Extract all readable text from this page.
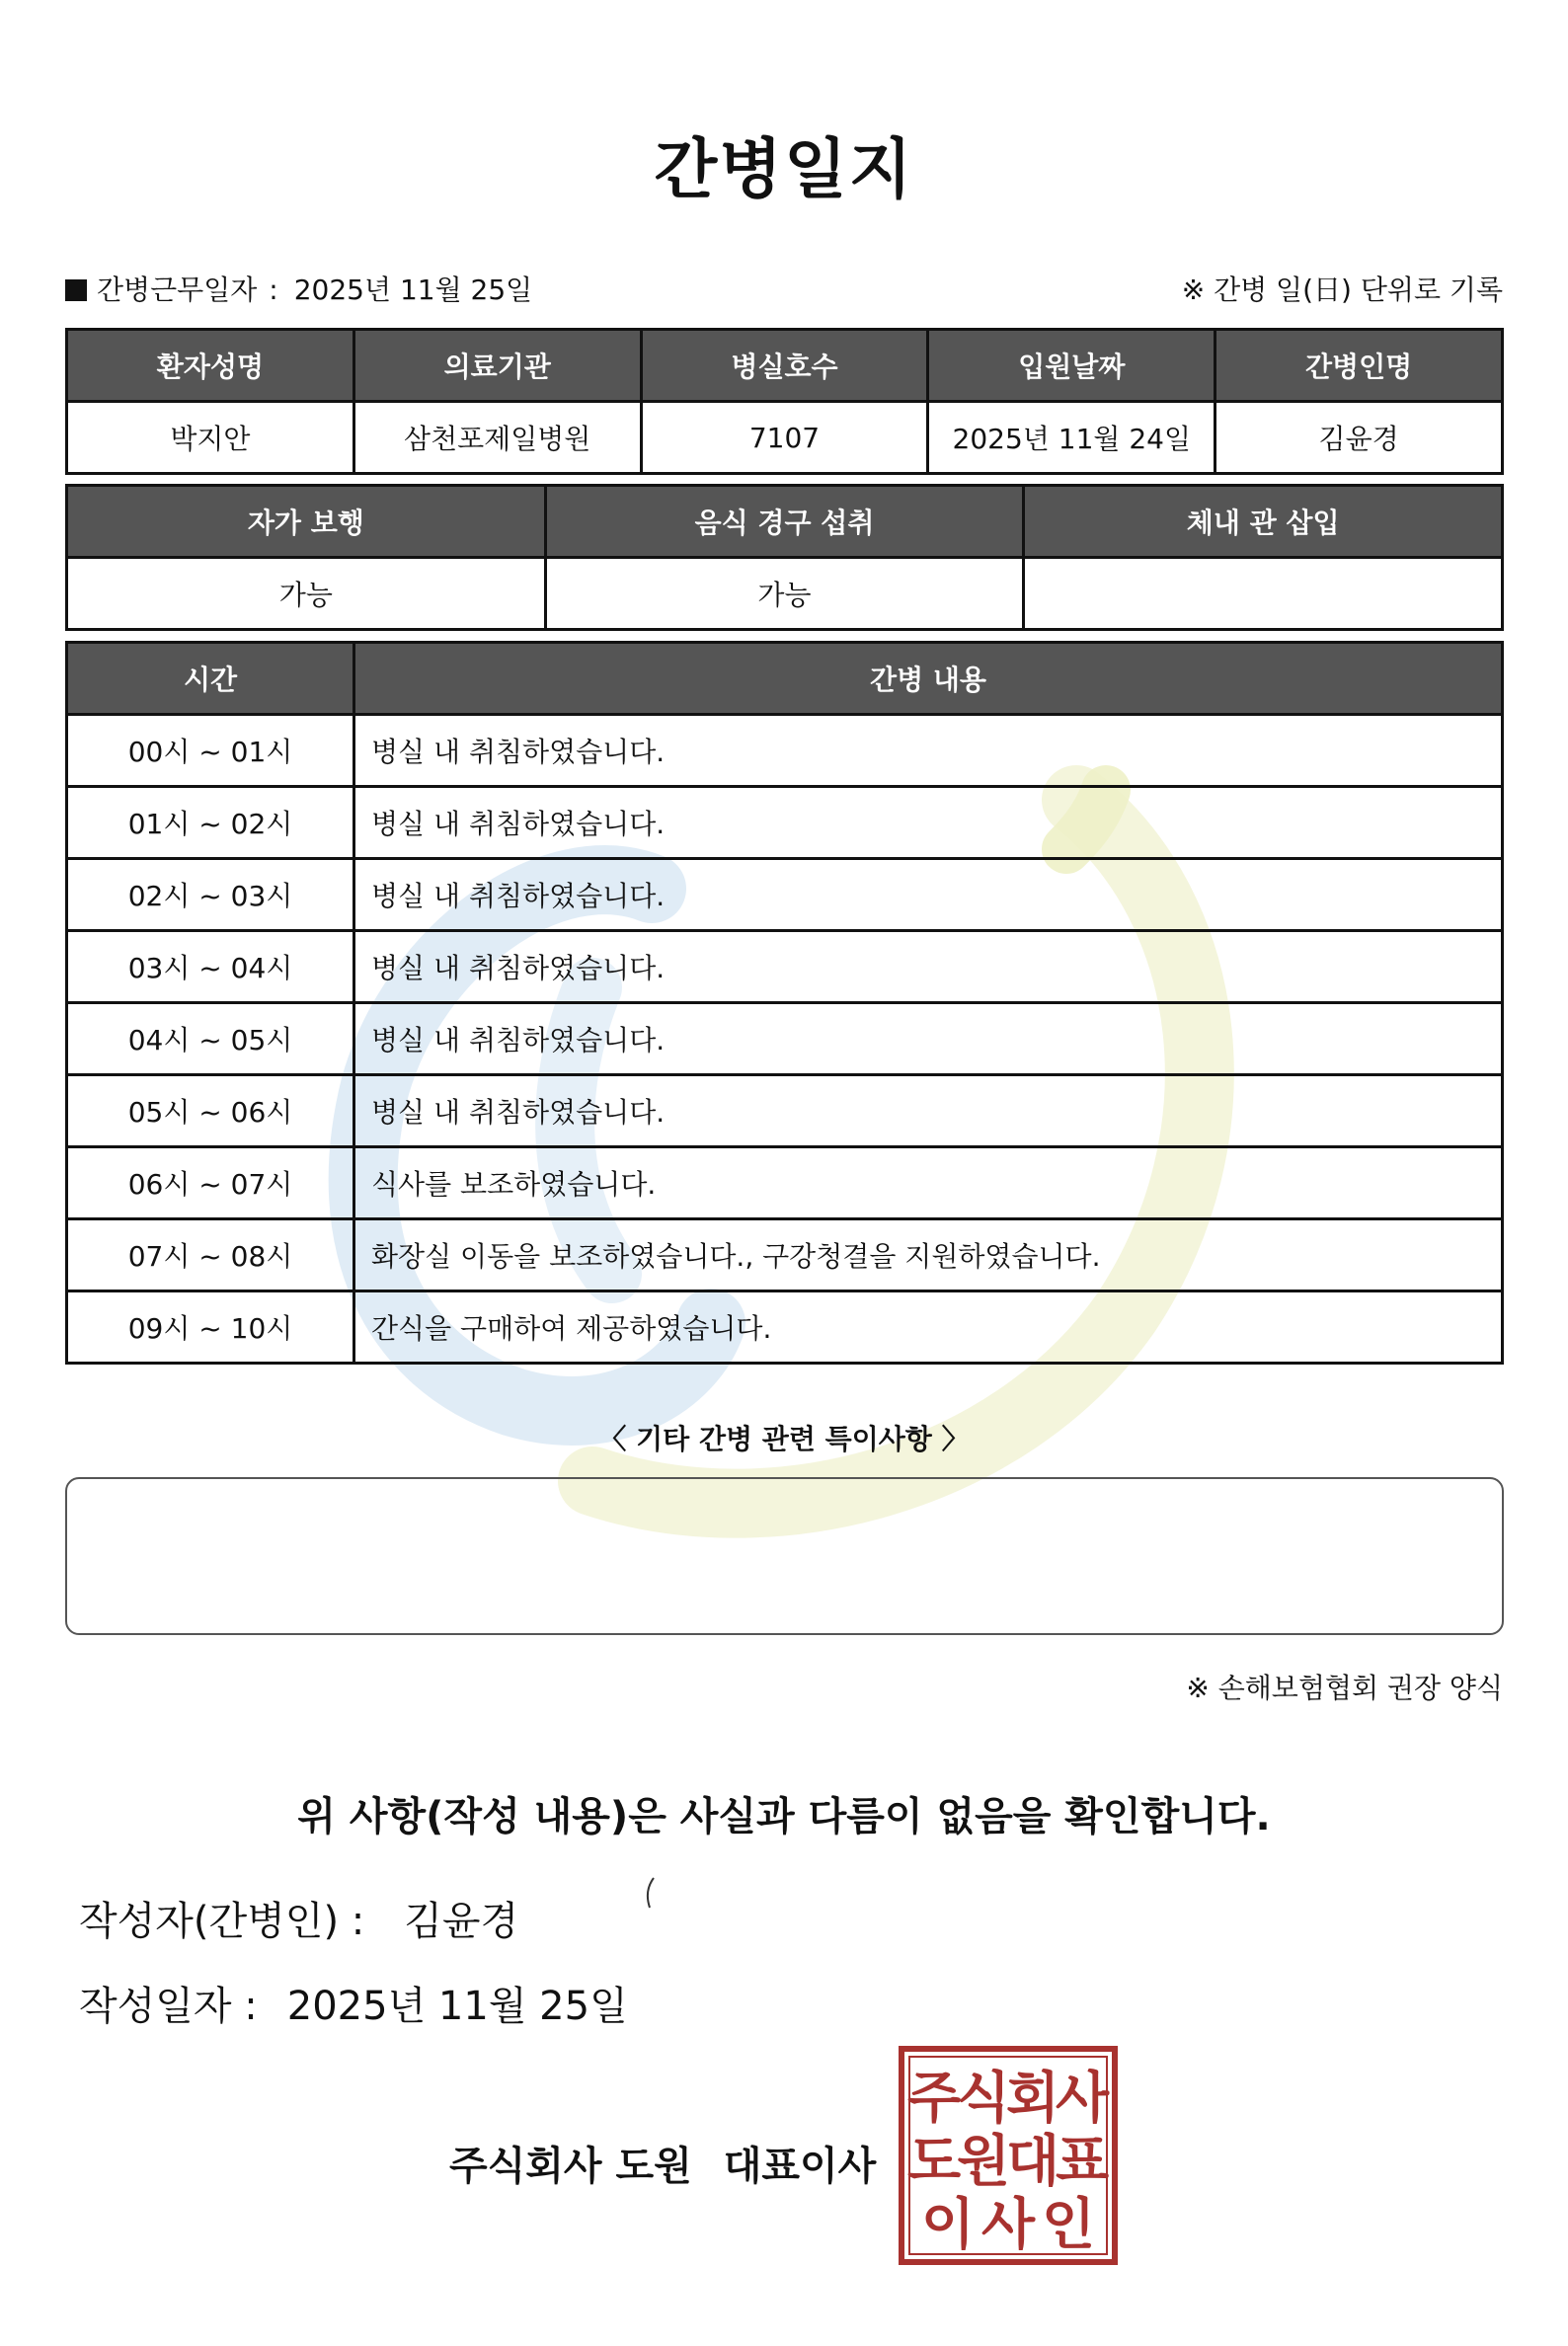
간병일지
간병근무일자 : 2025년 11월 25일	※ 간병 일(日) 단위로 기록
환자성명	의료기관	병실호수	입원날짜	간병인명
박지안	삼천포제일병원	7107	2025년 11월 24일	김윤경
자가 보행	음식 경구 섭취	체내 관 삽입
가능	가능	
시간	간병 내용
00시 ~ 01시	병실 내 취침하였습니다.
01시 ~ 02시	병실 내 취침하였습니다.
02시 ~ 03시	병실 내 취침하였습니다.
03시 ~ 04시	병실 내 취침하였습니다.
04시 ~ 05시	병실 내 취침하였습니다.
05시 ~ 06시	병실 내 취침하였습니다.
06시 ~ 07시	식사를 보조하였습니다.
07시 ~ 08시	화장실 이동을 보조하였습니다., 구강청결을 지원하였습니다.
09시 ~ 10시	간식을 구매하여 제공하였습니다.
〈 기타 간병 관련 특이사항 〉
※ 손해보험협회 권장 양식
위 사항(작성 내용)은 사실과 다름이 없음을 확인합니다.
작성자(간병인) : 김윤경
작성일자 : 2025년 11월 25일
주식회사 도원 대표이사
주
식
회
사
도
원
대
표
이 사 인
